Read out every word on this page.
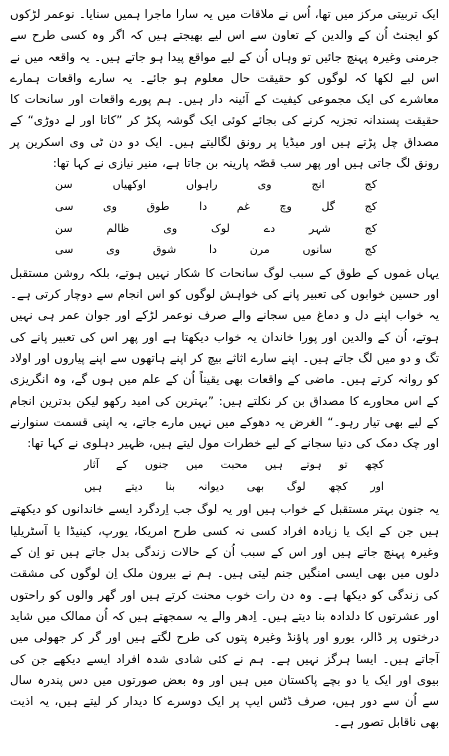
ایک تربیتی مرکز میں تھا، اُس نے ملاقات میں یہ سارا ماجرا ہمیں سنایا۔ نوعمر لڑکوں کو ایجنٹ اُن کے والدین کے تعاون سے اس لیے بھیجتے ہیں کہ اگر وہ کسی طرح سے جرمنی وغیرہ پہنچ جائیں تو وہاں اُن کے لیے مواقع پیدا ہو جاتے ہیں۔ یہ واقعہ میں نے اس لیے لکھا کہ لوگوں کو حقیقت حال معلوم ہو جائے۔ یہ سارے واقعات ہمارے معاشرے کی ایک مجموعی کیفیت کے آئینہ دار ہیں۔ ہم پورے واقعات اور سانحات کا حقیقت پسندانہ تجزیہ کرنے کی بجائے کوئی ایک گوشہ پکڑ کر ”کاتا اور لے دوڑی“ کے مصداق چل پڑتے ہیں اور میڈیا پر رونق لگالیتے ہیں۔ ایک دو دن ٹی وی اسکرین پر رونق لگ جاتی ہیں اور پھر سب قصّہ پارینہ بن جاتا ہے، منیر نیازی نے کہا تھا:

کج
انج
وی
راہواں
اوکھیاں
سن
کج
گل
وچ
غم
دا
طوق
وی
سی
کج
شہر
دے
لوک
وی
ظالم
سن
کج
سانوں
مرن
دا
شوق
وی
سی

یہاں غموں کے طوق کے سبب لوگ سانحات کا شکار نہیں ہوتے، بلکہ روشن مستقبل اور حسین خوابوں کی تعبیر پانے کی خواہش لوگوں کو اس انجام سے دوچار کرتی ہے۔ یہ خواب اپنے دل و دماغ میں سجانے والے صرف نوعمر لڑکے اور جوان عمر ہی نہیں ہوتے، اُن کے والدین اور پورا خاندان یہ خواب دیکھتا ہے اور پھر اس کی تعبیر پانے کی تگ و دو میں لگ جاتے ہیں۔ اپنے سارے اثاثے بیچ کر اپنے ہاتھوں سے اپنے پیاروں اور اولاد کو روانہ کرتے ہیں۔ ماضی کے واقعات بھی یقیناً اُن کے علم میں ہوں گے، وہ انگریزی کے اس محاورے کا مصداق بن کر نکلتے ہیں: ”بہترین کی امید رکھو لیکن بدترین انجام کے لیے بھی تیار رہو۔“ الغرض یہ دھوکے میں نہیں مارے جاتے، یہ اپنی قسمت سنوارنے اور چک دمک کی دنیا سجانے کے لیے خطرات مول لیتے ہیں، ظہیر دہلوی نے کہا تھا:

کچھ
تو
ہوتے
ہیں
محبت
میں
جنوں
کے
آثار
اور
کچھ
لوگ
بھی
دیوانہ
بنا
دیتے
ہیں

یہ جنون بہتر مستقبل کے خواب ہیں اور یہ لوگ جب اِردگرد ایسے خاندانوں کو دیکھتے ہیں جن کے ایک یا زیادہ افراد کسی نہ کسی طرح امریکا، یورپ، کینیڈا یا آسٹریلیا وغیرہ پہنچ جاتے ہیں اور اس کے سبب اُن کے حالات زندگی بدل جاتے ہیں تو اِن کے دلوں میں بھی ایسی امنگیں جنم لیتی ہیں۔ ہم نے بیرون ملک اِن لوگوں کی مشقت کی زندگی کو دیکھا ہے۔ وہ دن رات خوب محنت کرتے ہیں اور گھر والوں کو راحتوں اور عشرتوں کا دلدادہ بنا دیتے ہیں۔ اِدھر والے یہ سمجھتے ہیں کہ اُن ممالک میں شاید درختوں پر ڈالر، یورو اور پاؤنڈ وغیرہ پتوں کی طرح لگتے ہیں اور گر کر جھولی میں آجاتے ہیں۔ ایسا ہرگز نہیں ہے۔ ہم نے کئی شادی شدہ افراد ایسے دیکھے جن کی بیوی اور ایک یا دو بچے پاکستان میں ہیں اور وہ بعض صورتوں میں دس پندرہ سال سے اُن سے دور ہیں، صرف ڈٹس ایپ پر ایک دوسرے کا دیدار کر لیتے ہیں، یہ اذیت بھی ناقابل تصور ہے۔
